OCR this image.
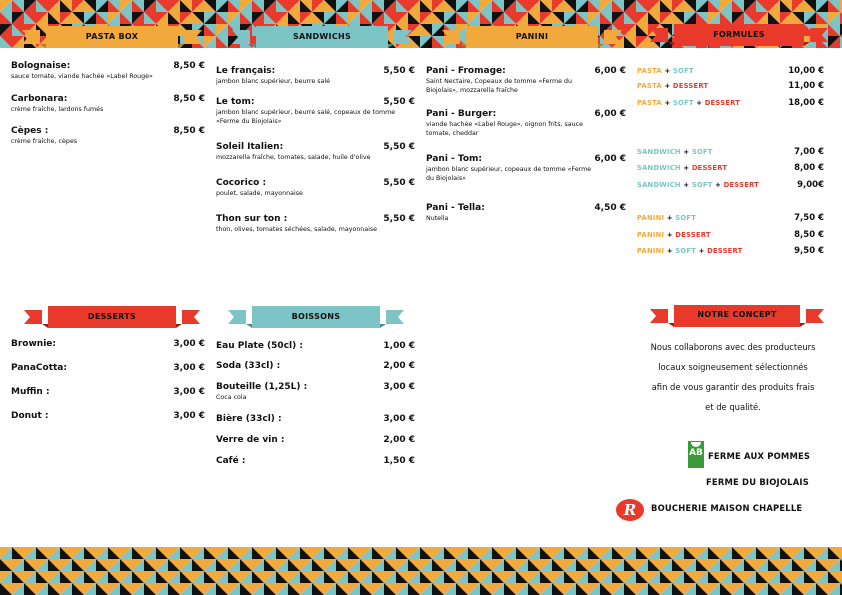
PASTA BOX	SANDWICHS	PANINI	FORMULES
DESSERTS	BOISSONS	NOTRE CONCEPT
Bolognaise:	8,50 €
sauce tomate, viande hachée «Label Rouge»
Carbonara:	8,50 €
crème fraîche, lardons fumés
Cèpes :	8,50 €
crème fraîche, cèpes
Le français:	5,50 €
jambon blanc supérieur, beurre salé
Le tom:	5,50 €
jambon blanc supérieur, beurre salé, copeaux de tomme «Ferme du Biojolais»
Soleil Italien:	5,50 €
mozzarella fraîche, tomates, salade, huile d'olive
Cocorico :	5,50 €
poulet, salade, mayonnaise
Thon sur ton :	5,50 €
thon, olives, tomates séchées, salade, mayonnaise
Pani - Fromage:	6,00 €
Saint Nectaire, Copeaux de tomme «Ferme du Biojolais», mozzarella fraîche
Pani - Burger:	6,00 €
viande hachée «Label Rouge», oignon frits, sauce tomate, cheddar
Pani - Tom:	6,00 €
jambon blanc supérieur, copeaux de tomme «Ferme du Biojolais»
Pani - Tella:	4,50 €
Nutella
PASTA + SOFT	10,00 €
PASTA + DESSERT	11,00 €
PASTA + SOFT + DESSERT	18,00 €
SANDWICH + SOFT	7,00 €
SANDWICH + DESSERT	8,00 €
SANDWICH + SOFT + DESSERT	9,00€
PANINI + SOFT	7,50 €
PANINI + DESSERT	8,50 €
PANINI + SOFT + DESSERT	9,50 €
Brownie:	3,00 €
PanaCotta:	3,00 €
Muffin :	3,00 €
Donut :	3,00 €
Eau Plate (50cl) :	1,00 €
Soda (33cl) :	2,00 €
Bouteille (1,25L) :	3,00 €
Coca cola
Bière (33cl) :	3,00 €
Verre de vin :	2,00 €
Café :	1,50 €
Nous collaborons avec des producteurs
locaux soigneusement sélectionnés
afin de vous garantir des produits frais
et de qualité.
AB FERME AUX POMMES
FERME DU BIOJOLAIS
R BOUCHERIE MAISON CHAPELLE
